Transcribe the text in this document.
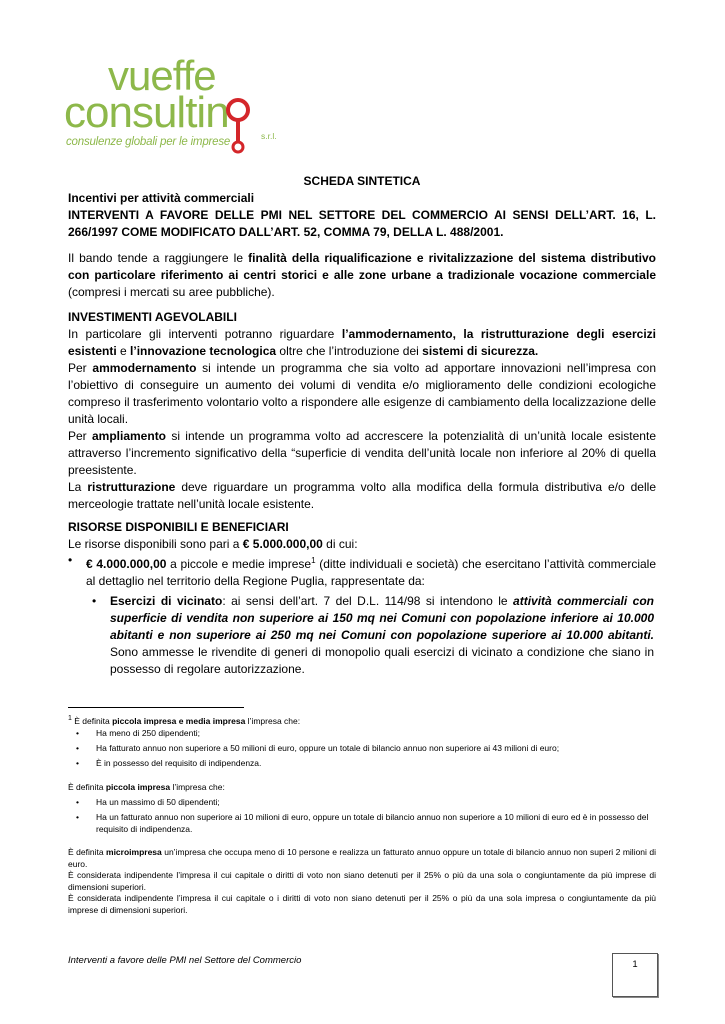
vueffe
consultin
consulenze globali per le imprese	s.r.l.
SCHEDA SINTETICA
Incentivi per attività commerciali
INTERVENTI A FAVORE DELLE PMI NEL SETTORE DEL COMMERCIO AI SENSI DELL’ART. 16, L. 266/1997 COME MODIFICATO DALL’ART. 52, COMMA 79, DELLA L. 488/2001.

Il bando tende a raggiungere le finalità della riqualificazione e rivitalizzazione del sistema distributivo con particolare riferimento ai centri storici e alle zone urbane a tradizionale vocazione commerciale (compresi i mercati su aree pubbliche).

INVESTIMENTI AGEVOLABILI

In particolare gli interventi potranno riguardare l’ammodernamento, la ristrutturazione degli esercizi esistenti e l’innovazione tecnologica oltre che l’introduzione dei sistemi di sicurezza.

Per ammodernamento si intende un programma che sia volto ad apportare innovazioni nell’impresa con l’obiettivo di conseguire un aumento dei volumi di vendita e/o miglioramento delle condizioni ecologiche compreso il trasferimento volontario volto a rispondere alle esigenze di cambiamento della localizzazione delle unità locali.

Per ampliamento si intende un programma volto ad accrescere la potenzialità di un’unità locale esistente attraverso l’incremento significativo della “superficie di vendita dell’unità locale non inferiore al 20% di quella preesistente.

La ristrutturazione deve riguardare un programma volto alla modifica della formula distributiva e/o delle merceologie trattate nell’unità locale esistente.

RISORSE DISPONIBILI E BENEFICIARI

Le risorse disponibili sono pari a € 5.000.000,00 di cui:

•	€ 4.000.000,00 a piccole e medie imprese$^1$ (ditte individuali e società) che esercitano l’attività commerciale al dettaglio nel territorio della Regione Puglia, rappresentate da:

•	Esercizi di vicinato: ai sensi dell’art. 7 del D.L. 114/98 si intendono le attività commerciali con superficie di vendita non superiore ai 150 mq nei Comuni con popolazione inferiore ai 10.000 abitanti e non superiore ai 250 mq nei Comuni con popolazione superiore ai 10.000 abitanti. Sono ammesse le rivendite di generi di monopolio quali esercizi di vicinato a condizione che siano in possesso di regolare autorizzazione.

$^1$ È definita piccola impresa e media impresa l’impresa che:
•	Ha meno di 250 dipendenti;
•	Ha fatturato annuo non superiore a 50 milioni di euro, oppure un totale di bilancio annuo non superiore ai 43 milioni di euro;
•	È in possesso del requisito di indipendenza.
È definita piccola impresa l’impresa che:
•	Ha un massimo di 50 dipendenti;
•	Ha un fatturato annuo non superiore ai 10 milioni di euro, oppure un totale di bilancio annuo non superiore a 10 milioni di euro ed è in possesso del requisito di indipendenza.
È definita microimpresa un’impresa che occupa meno di 10 persone e realizza un fatturato annuo oppure un totale di bilancio annuo non superi 2 milioni di euro.
È considerata indipendente l’impresa il cui capitale o diritti di voto non siano detenuti per il 25% o più da una sola o congiuntamente da più imprese di dimensioni superiori.
È considerata indipendente l’impresa il cui capitale o i diritti di voto non siano detenuti per il 25% o più da una sola impresa o congiuntamente da più imprese di dimensioni superiori.
Interventi a favore delle PMI nel Settore del Commercio	1
